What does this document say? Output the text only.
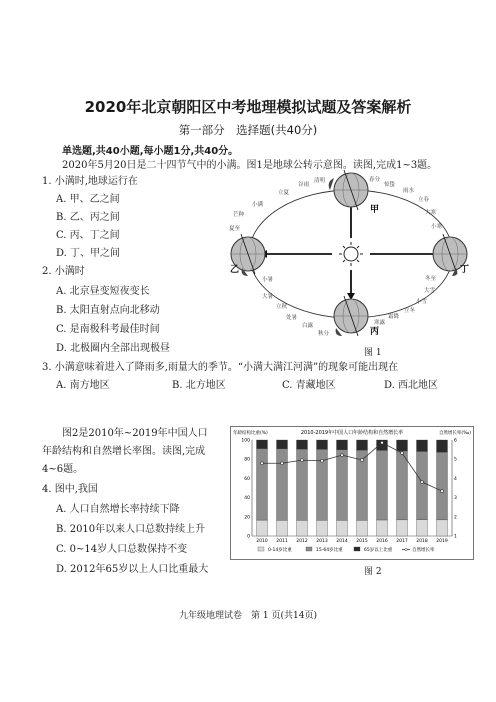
2020年北京朝阳区中考地理模拟试题及答案解析
第一部分　选择题(共40分)
单选题,共40小题,每小题1分,共40分。
2020年5月20日是二十四节气中的小满。图1是地球公转示意图。读图,完成1~3题。
1. 小满时,地球运行在
A. 甲、乙之间
B. 乙、丙之间
C. 丙、丁之间
D. 丁、甲之间
2. 小满时
A. 北京昼变短夜变长
B. 太阳直射点向北移动
C. 是南极科考最佳时间
D. 北极圈内全部出现极昼	图 1
3. 小满意味着进入了降雨多,雨量大的季节。“小满大满江河满”的现象可能出现在
A. 南方地区	B. 北方地区	C. 青藏地区	D. 西北地区
甲
乙
丙
丁
立夏
谷雨
清明	春分
惊蛰
雨水
立春
大寒
小寒
冬至
大雪
小雪
立冬
霜降
寒露
秋分
白露
处暑
立秋
大暑
小暑
夏至
芒种
小满
图2是2010年~2019年中国人口
年龄结构和自然增长率图。读图,完成
4~6题。
4. 图中,我国
A. 人口自然增长率持续下降
B. 2010年以来人口总数持续上升
C. 0~14岁人口总数保持不变
D. 2012年65岁以上人口比重最大	图 2
2010-2019年中国人口年龄结构和自然增长率
年龄结构比重(%)	自然增长率(‰)
0
20
40
60
80
100
1
2
3
4
5
6
2010 2011 2012 2013 2014 2015 2016 2017 2018 2019
0-14岁比重	15-64岁比重	65岁以上比重	自然增长率
九年级地理试卷　第 1 页(共14页)
